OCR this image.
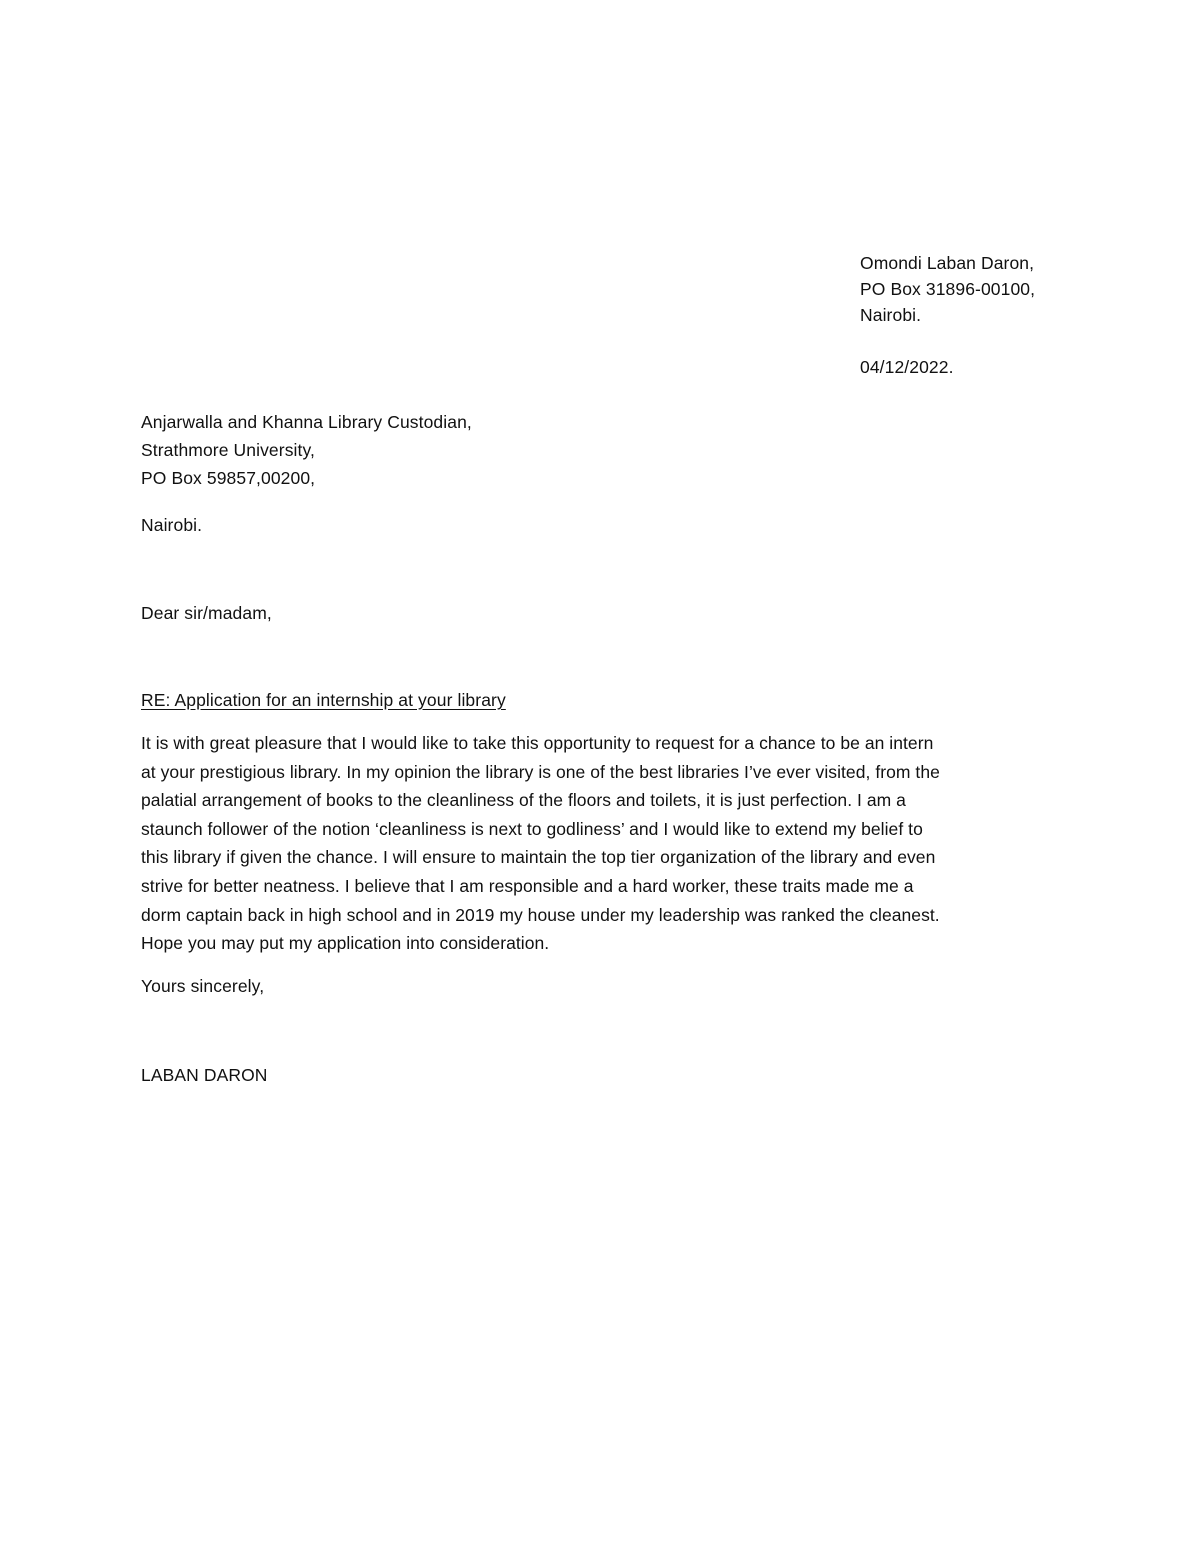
Omondi Laban Daron,
PO Box 31896-00100,
Nairobi.
04/12/2022.
Anjarwalla and Khanna Library Custodian,
Strathmore University,
PO Box 59857,00200,
Nairobi.
Dear sir/madam,
RE: Application for an internship at your library
It is with great pleasure that I would like to take this opportunity to request for a chance to be an intern
at your prestigious library. In my opinion the library is one of the best libraries I’ve ever visited, from the
palatial arrangement of books to the cleanliness of the floors and toilets, it is just perfection. I am a
staunch follower of the notion ‘cleanliness is next to godliness’ and I would like to extend my belief to
this library if given the chance. I will ensure to maintain the top tier organization of the library and even
strive for better neatness. I believe that I am responsible and a hard worker, these traits made me a
dorm captain back in high school and in 2019 my house under my leadership was ranked the cleanest.
Hope you may put my application into consideration.
Yours sincerely,
LABAN DARON
